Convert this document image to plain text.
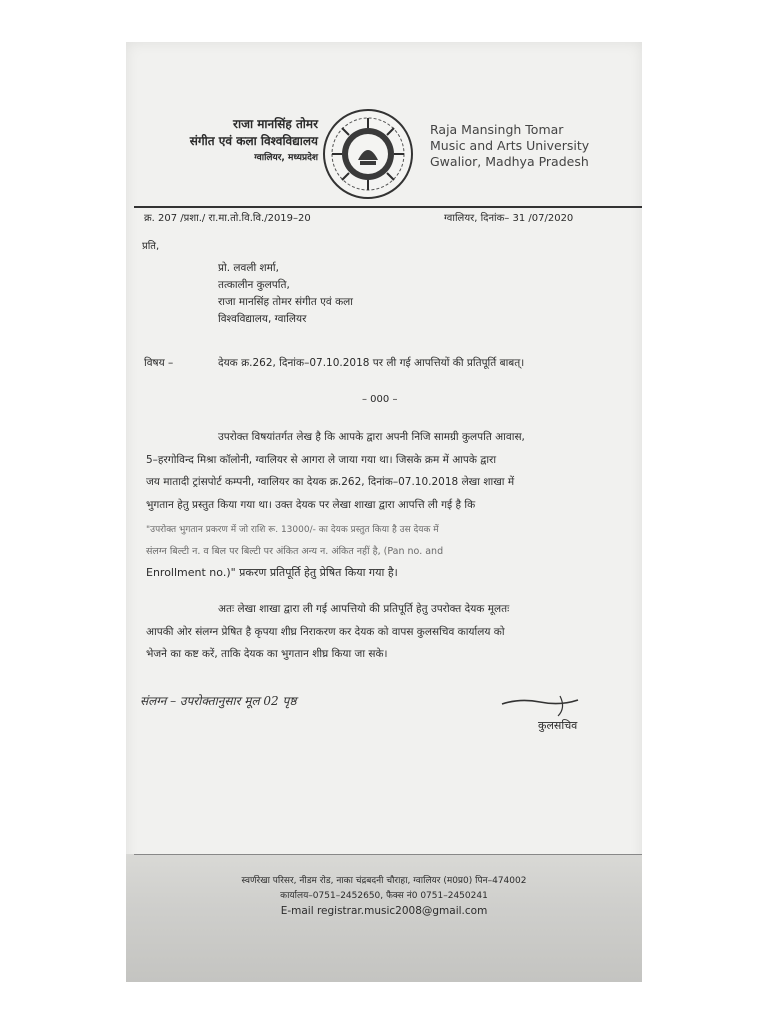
राजा मानसिंह तोमर
संगीत एवं कला विश्वविद्यालय
ग्वालियर, मध्यप्रदेश
Raja Mansingh Tomar
Music and Arts University
Gwalior, Madhya Pradesh
क्र. 207 /प्रशा./ रा.मा.तो.वि.वि./2019–20	ग्वालियर, दिनांक– 31 /07/2020
प्रति,
प्रो. लवली शर्मा,
तत्कालीन कुलपति,
राजा मानसिंह तोमर संगीत एवं कला
विश्वविद्यालय, ग्वालियर
विषय –	देयक क्र.262, दिनांक–07.10.2018 पर ली गई आपत्तियों की प्रतिपूर्ति बाबत्।
– 000 –
उपरोक्त विषयांतर्गत लेख है कि आपके द्वारा अपनी निजि सामग्री कुलपति आवास,
5–हरगोविन्द मिश्रा कॉलोनी, ग्वालियर से आगरा ले जाया गया था। जिसके क्रम में आपके द्वारा
जय मातादी ट्रांसपोर्ट कम्पनी, ग्वालियर का देयक क्र.262, दिनांक–07.10.2018 लेखा शाखा में
भुगतान हेतु प्रस्तुत किया गया था। उक्त देयक पर लेखा शाखा द्वारा आपत्ति ली गई है कि
"उपरोक्त भुगतान प्रकरण में जो राशि रू. 13000/- का देयक प्रस्तुत किया है उस देयक में
संलग्न बिल्टी न. व बिल पर बिल्टी पर अंकित अन्य न. अंकित नहीं है, (Pan no. and
Enrollment no.)" प्रकरण प्रतिपूर्ति हेतु प्रेषित किया गया है।
अतः लेखा शाखा द्वारा ली गई आपत्तियो की प्रतिपूर्ति हेतु उपरोक्त देयक मूलतः
आपकी ओर संलग्न प्रेषित है कृपया शीघ्र निराकरण कर देयक को वापस कुलसचिव कार्यालय को
भेजने का कष्ट करें, ताकि देयक का भुगतान शीघ्र किया जा सके।
संलग्न – उपरोक्तानुसार मूल 02 पृष्ठ
कुलसचिव
स्वर्णरेखा परिसर, नीडम रोड, नाका चंद्रबदनी चौराहा, ग्वालियर (म0प्र0) पिन–474002
कार्यालय–0751–2452650, फैक्स नं0 0751–2450241
E-mail registrar.music2008@gmail.com
